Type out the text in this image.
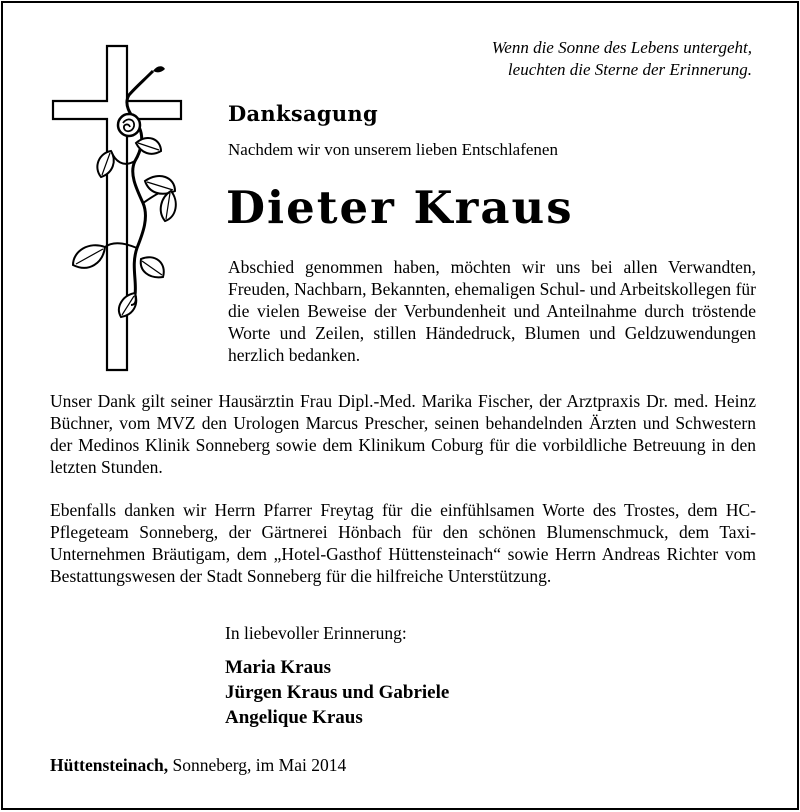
Wenn die Sonne des Lebens untergeht,
leuchten die Sterne der Erinnerung.
Danksagung
Nachdem wir von unserem lieben Entschlafenen
Dieter Kraus
Abschied genommen haben, möchten wir uns bei allen Verwandten, Freuden, Nachbarn, Bekannten, ehemaligen Schul- und Arbeitskollegen für die vielen Beweise der Verbundenheit und Anteilnahme durch tröstende Worte und Zeilen, stillen Händedruck, Blumen und Geldzuwendungen herzlich bedanken.
Unser Dank gilt seiner Hausärztin Frau Dipl.-Med. Marika Fischer, der Arztpraxis Dr. med. Heinz Büchner, vom MVZ den Urologen Marcus Prescher, seinen behandelnden Ärzten und Schwestern der Medinos Klinik Sonneberg sowie dem Klinikum Coburg für die vorbildliche Betreuung in den letzten Stunden.
Ebenfalls danken wir Herrn Pfarrer Freytag für die einfühlsamen Worte des Trostes, dem HC-Pflegeteam Sonneberg, der Gärtnerei Hönbach für den schönen Blumenschmuck, dem Taxi-Unternehmen Bräutigam, dem „Hotel-Gasthof Hüttensteinach“ sowie Herrn Andreas Richter vom Bestattungswesen der Stadt Sonneberg für die hilfreiche Unterstützung.
In liebevoller Erinnerung:
Maria Kraus
Jürgen Kraus und Gabriele
Angelique Kraus
Hüttensteinach, Sonneberg, im Mai 2014
